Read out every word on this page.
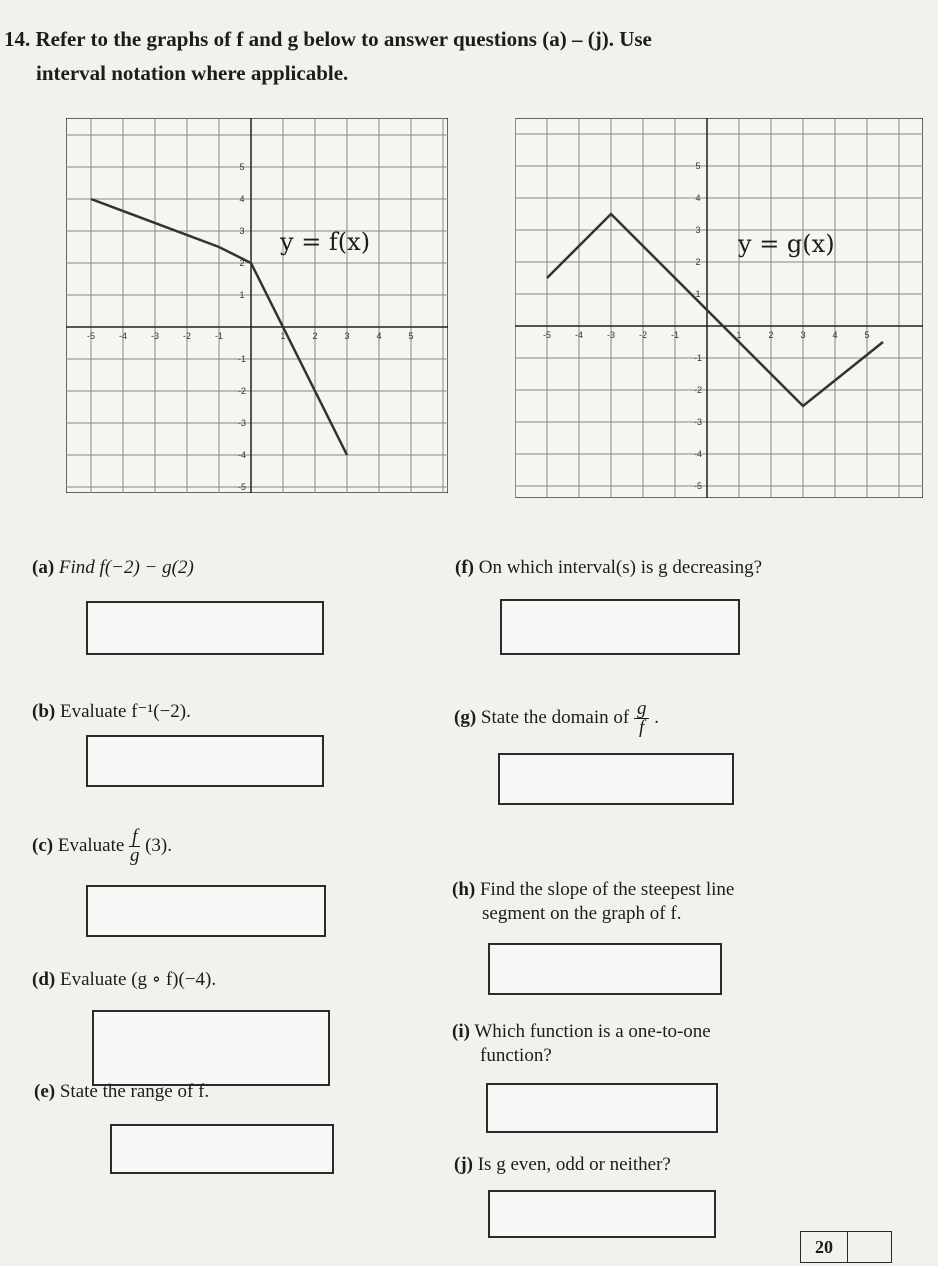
14. Refer to the graphs of f and g below to answer questions (a) – (j). Use
interval notation where applicable.
-5	-4	-3	-2	-1	1	2	3	4	5
5
4
3
2
1
-1
-2
-3
-4
-5
y = f(x)
-5	-4	-3	-2	-1	1	2	3	4	5
5
4
3
2
1
-1
-2
-3
-4
-5
y = g(x)
(a) Find f(−2) − g(2)
(b) Evaluate f⁻¹(−2).
(c) Evaluate $\frac{f}{g} (3)$.
(d) Evaluate (g ∘ f)(−4).
(e) State the range of f.
(f) On which interval(s) is g decreasing?
(g) State the domain of $\frac{g}{f}$ .
(h) Find the slope of the steepest line
segment on the graph of f.
(i) Which function is a one-to-one
function?
(j) Is g even, odd or neither?
20
